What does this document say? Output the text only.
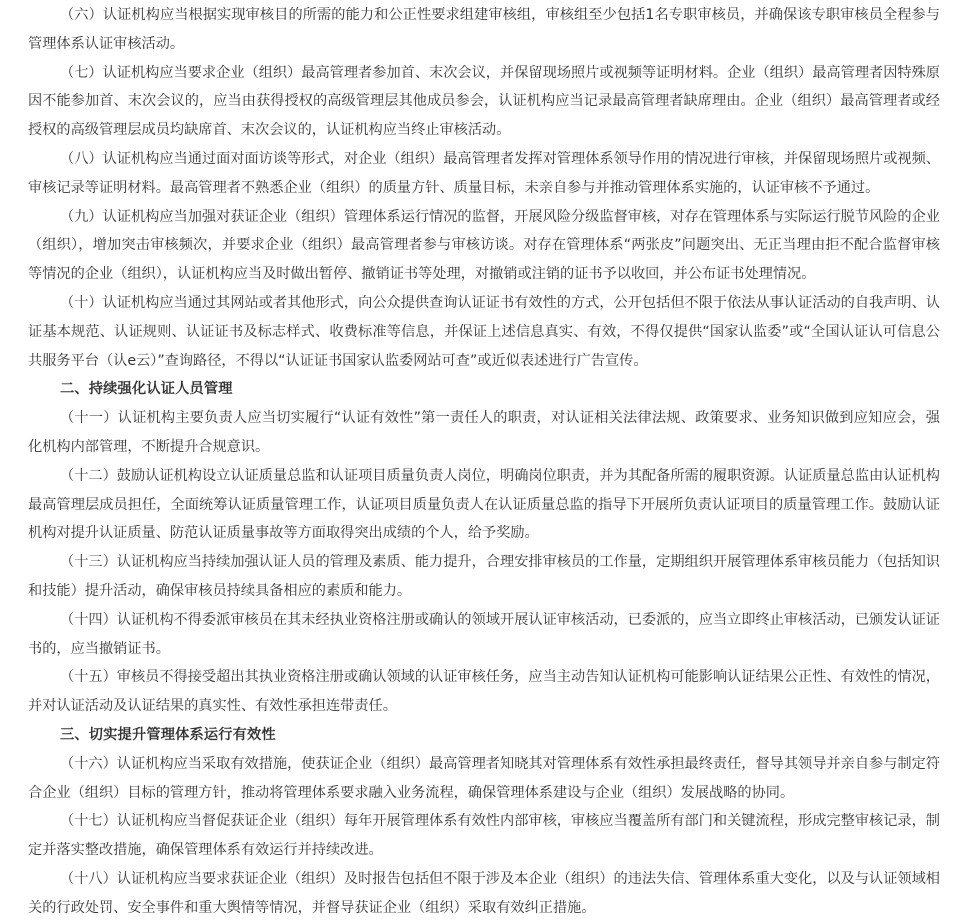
（六）认证机构应当根据实现审核目的所需的能力和公正性要求组建审核组，审核组至少包括1名专职审核员，并确保该专职审核员全程参与管理体系认证审核活动。

（七）认证机构应当要求企业（组织）最高管理者参加首、末次会议，并保留现场照片或视频等证明材料。企业（组织）最高管理者因特殊原因不能参加首、末次会议的，应当由获得授权的高级管理层其他成员参会，认证机构应当记录最高管理者缺席理由。企业（组织）最高管理者或经授权的高级管理层成员均缺席首、末次会议的，认证机构应当终止审核活动。

（八）认证机构应当通过面对面访谈等形式，对企业（组织）最高管理者发挥对管理体系领导作用的情况进行审核，并保留现场照片或视频、审核记录等证明材料。最高管理者不熟悉企业（组织）的质量方针、质量目标，未亲自参与并推动管理体系实施的，认证审核不予通过。

（九）认证机构应当加强对获证企业（组织）管理体系运行情况的监督，开展风险分级监督审核，对存在管理体系与实际运行脱节风险的企业（组织），增加突击审核频次，并要求企业（组织）最高管理者参与审核访谈。对存在管理体系“两张皮”问题突出、无正当理由拒不配合监督审核等情况的企业（组织），认证机构应当及时做出暂停、撤销证书等处理，对撤销或注销的证书予以收回，并公布证书处理情况。

（十）认证机构应当通过其网站或者其他形式，向公众提供查询认证证书有效性的方式，公开包括但不限于依法从事认证活动的自我声明、认证基本规范、认证规则、认证证书及标志样式、收费标准等信息，并保证上述信息真实、有效，不得仅提供“国家认监委”或“全国认证认可信息公共服务平台（认e云）”查询路径，不得以“认证证书国家认监委网站可查”或近似表述进行广告宣传。

二、持续强化认证人员管理

（十一）认证机构主要负责人应当切实履行“认证有效性”第一责任人的职责，对认证相关法律法规、政策要求、业务知识做到应知应会，强化机构内部管理，不断提升合规意识。

（十二）鼓励认证机构设立认证质量总监和认证项目质量负责人岗位，明确岗位职责，并为其配备所需的履职资源。认证质量总监由认证机构最高管理层成员担任，全面统筹认证质量管理工作，认证项目质量负责人在认证质量总监的指导下开展所负责认证项目的质量管理工作。鼓励认证机构对提升认证质量、防范认证质量事故等方面取得突出成绩的个人，给予奖励。

（十三）认证机构应当持续加强认证人员的管理及素质、能力提升，合理安排审核员的工作量，定期组织开展管理体系审核员能力（包括知识和技能）提升活动，确保审核员持续具备相应的素质和能力。

（十四）认证机构不得委派审核员在其未经执业资格注册或确认的领域开展认证审核活动，已委派的，应当立即终止审核活动，已颁发认证证书的，应当撤销证书。

（十五）审核员不得接受超出其执业资格注册或确认领域的认证审核任务，应当主动告知认证机构可能影响认证结果公正性、有效性的情况，并对认证活动及认证结果的真实性、有效性承担连带责任。

三、切实提升管理体系运行有效性

（十六）认证机构应当采取有效措施，使获证企业（组织）最高管理者知晓其对管理体系有效性承担最终责任，督导其领导并亲自参与制定符合企业（组织）目标的管理方针，推动将管理体系要求融入业务流程，确保管理体系建设与企业（组织）发展战略的协同。

（十七）认证机构应当督促获证企业（组织）每年开展管理体系有效性内部审核，审核应当覆盖所有部门和关键流程，形成完整审核记录，制定并落实整改措施，确保管理体系有效运行并持续改进。

（十八）认证机构应当要求获证企业（组织）及时报告包括但不限于涉及本企业（组织）的违法失信、管理体系重大变化，以及与认证领域相关的行政处罚、安全事件和重大舆情等情况，并督导获证企业（组织）采取有效纠正措施。
